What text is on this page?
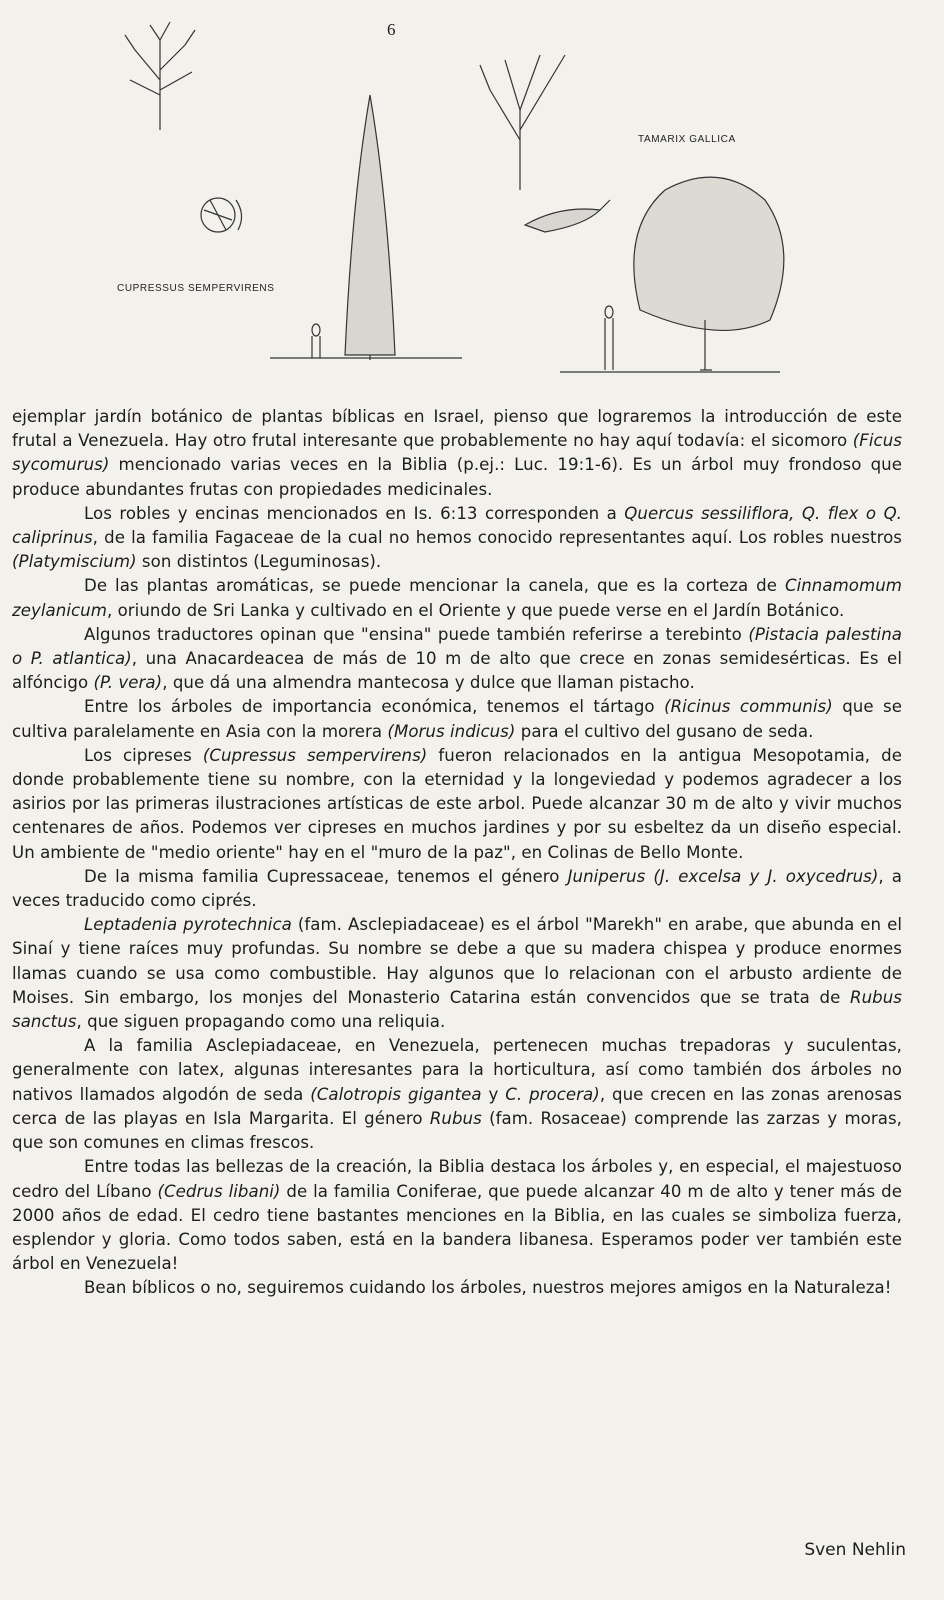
6
CUPRESSUS SEMPERVIRENS
TAMARIX GALLICA

ejemplar jardín botánico de plantas bíblicas en Israel, pienso que lograremos la introducción de este frutal a Venezuela. Hay otro frutal interesante que probablemente no hay aquí todavía: el sicomoro (Ficus sycomurus) mencionado varias veces en la Biblia (p.ej.: Luc. 19:1-6). Es un árbol muy frondoso que produce abundantes frutas con propiedades medicinales.

Los robles y encinas mencionados en Is. 6:13 corresponden a Quercus sessiliflora, Q. flex o Q. caliprinus, de la familia Fagaceae de la cual no hemos conocido representantes aquí. Los robles nuestros (Platymiscium) son distintos (Leguminosas).

De las plantas aromáticas, se puede mencionar la canela, que es la corteza de Cinnamomum zeylanicum, oriundo de Sri Lanka y cultivado en el Oriente y que puede verse en el Jardín Botánico.

Algunos traductores opinan que "ensina" puede también referirse a terebinto (Pistacia palestina o P. atlantica), una Anacardeacea de más de 10 m de alto que crece en zonas semidesérticas. Es el alfóncigo (P. vera), que dá una almendra mantecosa y dulce que llaman pistacho.

Entre los árboles de importancia económica, tenemos el tártago (Ricinus communis) que se cultiva paralelamente en Asia con la morera (Morus indicus) para el cultivo del gusano de seda.

Los cipreses (Cupressus sempervirens) fueron relacionados en la antigua Mesopotamia, de donde probablemente tiene su nombre, con la eternidad y la longeviedad y podemos agradecer a los asirios por las primeras ilustraciones artísticas de este arbol. Puede alcanzar 30 m de alto y vivir muchos centenares de años. Podemos ver cipreses en muchos jardines y por su esbeltez da un diseño especial. Un ambiente de "medio oriente" hay en el "muro de la paz", en Colinas de Bello Monte.

De la misma familia Cupressaceae, tenemos el género Juniperus (J. excelsa y J. oxycedrus), a veces traducido como ciprés.

Leptadenia pyrotechnica (fam. Asclepiadaceae) es el árbol "Marekh" en arabe, que abunda en el Sinaí y tiene raíces muy profundas. Su nombre se debe a que su madera chispea y produce enormes llamas cuando se usa como combustible. Hay algunos que lo relacionan con el arbusto ardiente de Moises. Sin embargo, los monjes del Monasterio Catarina están convencidos que se trata de Rubus sanctus, que siguen propagando como una reliquia.

A la familia Asclepiadaceae, en Venezuela, pertenecen muchas trepadoras y suculentas, generalmente con latex, algunas interesantes para la horticultura, así como también dos árboles no nativos llamados algodón de seda (Calotropis gigantea y C. procera), que crecen en las zonas arenosas cerca de las playas en Isla Margarita. El género Rubus (fam. Rosaceae) comprende las zarzas y moras, que son comunes en climas frescos.

Entre todas las bellezas de la creación, la Biblia destaca los árboles y, en especial, el majestuoso cedro del Líbano (Cedrus libani) de la familia Coniferae, que puede alcanzar 40 m de alto y tener más de 2000 años de edad. El cedro tiene bastantes menciones en la Biblia, en las cuales se simboliza fuerza, esplendor y gloria. Como todos saben, está en la bandera libanesa. Esperamos poder ver también este árbol en Venezuela!

Bean bíblicos o no, seguiremos cuidando los árboles, nuestros mejores amigos en la Naturaleza!

Sven Nehlin
